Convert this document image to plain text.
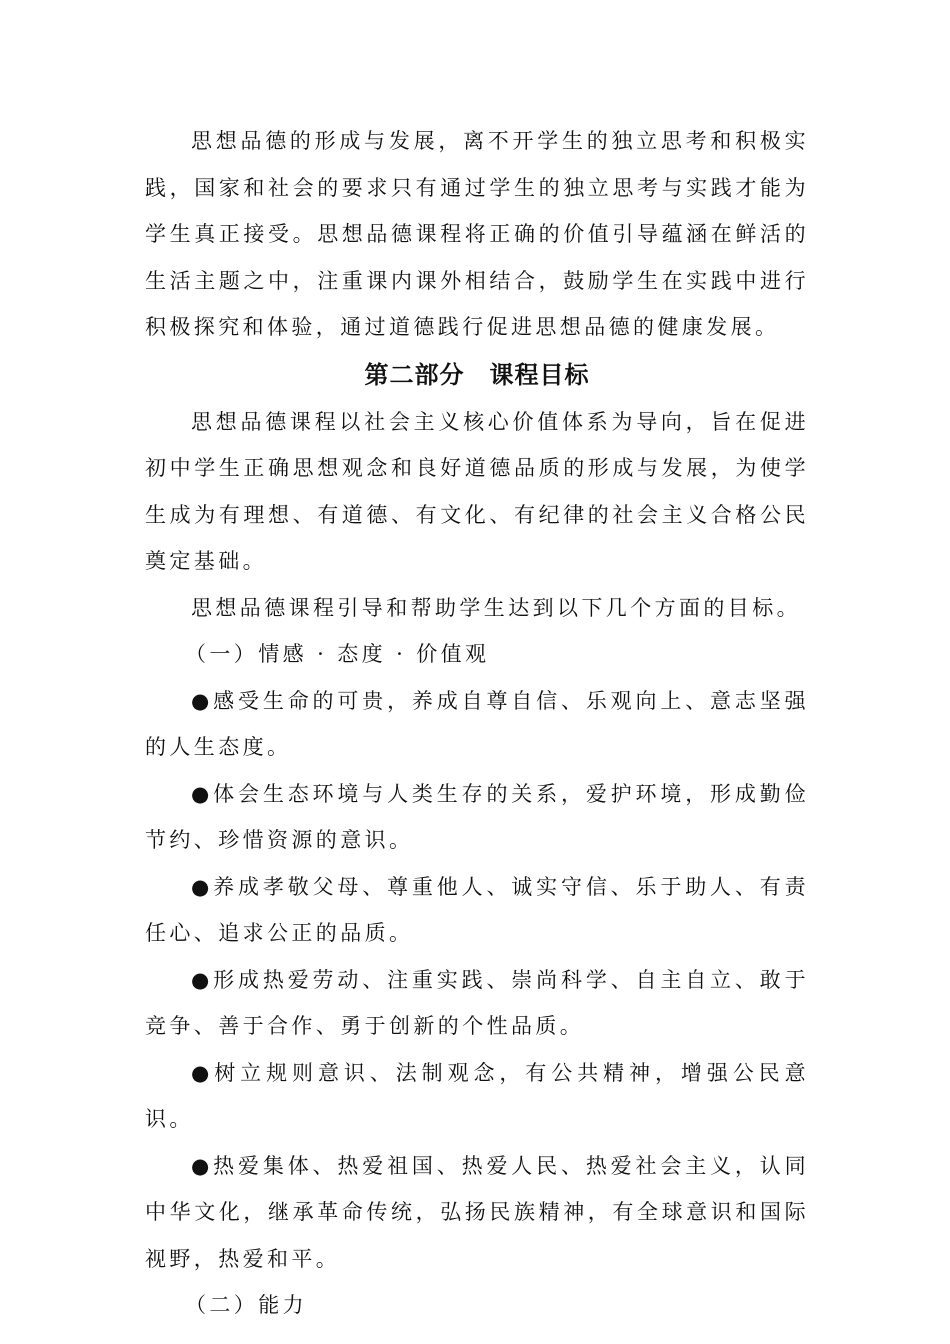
思想品德的形成与发展，离不开学生的独立思考和积极实践，国家和社会的要求只有通过学生的独立思考与实践才能为学生真正接受。思想品德课程将正确的价值引导蕴涵在鲜活的生活主题之中，注重课内课外相结合，鼓励学生在实践中进行积极探究和体验，通过道德践行促进思想品德的健康发展。

第二部分　课程目标

思想品德课程以社会主义核心价值体系为导向，旨在促进初中学生正确思想观念和良好道德品质的形成与发展，为使学生成为有理想、有道德、有文化、有纪律的社会主义合格公民奠定基础。

思想品德课程引导和帮助学生达到以下几个方面的目标。

（一）情感 · 态度 · 价值观

●感受生命的可贵，养成自尊自信、乐观向上、意志坚强的人生态度。

●体会生态环境与人类生存的关系，爱护环境，形成勤俭节约、珍惜资源的意识。

●养成孝敬父母、尊重他人、诚实守信、乐于助人、有责任心、追求公正的品质。

●形成热爱劳动、注重实践、崇尚科学、自主自立、敢于竞争、善于合作、勇于创新的个性品质。

●树立规则意识、法制观念，有公共精神，增强公民意识。

●热爱集体、热爱祖国、热爱人民、热爱社会主义，认同中华文化，继承革命传统，弘扬民族精神，有全球意识和国际视野，热爱和平。

（二）能力
